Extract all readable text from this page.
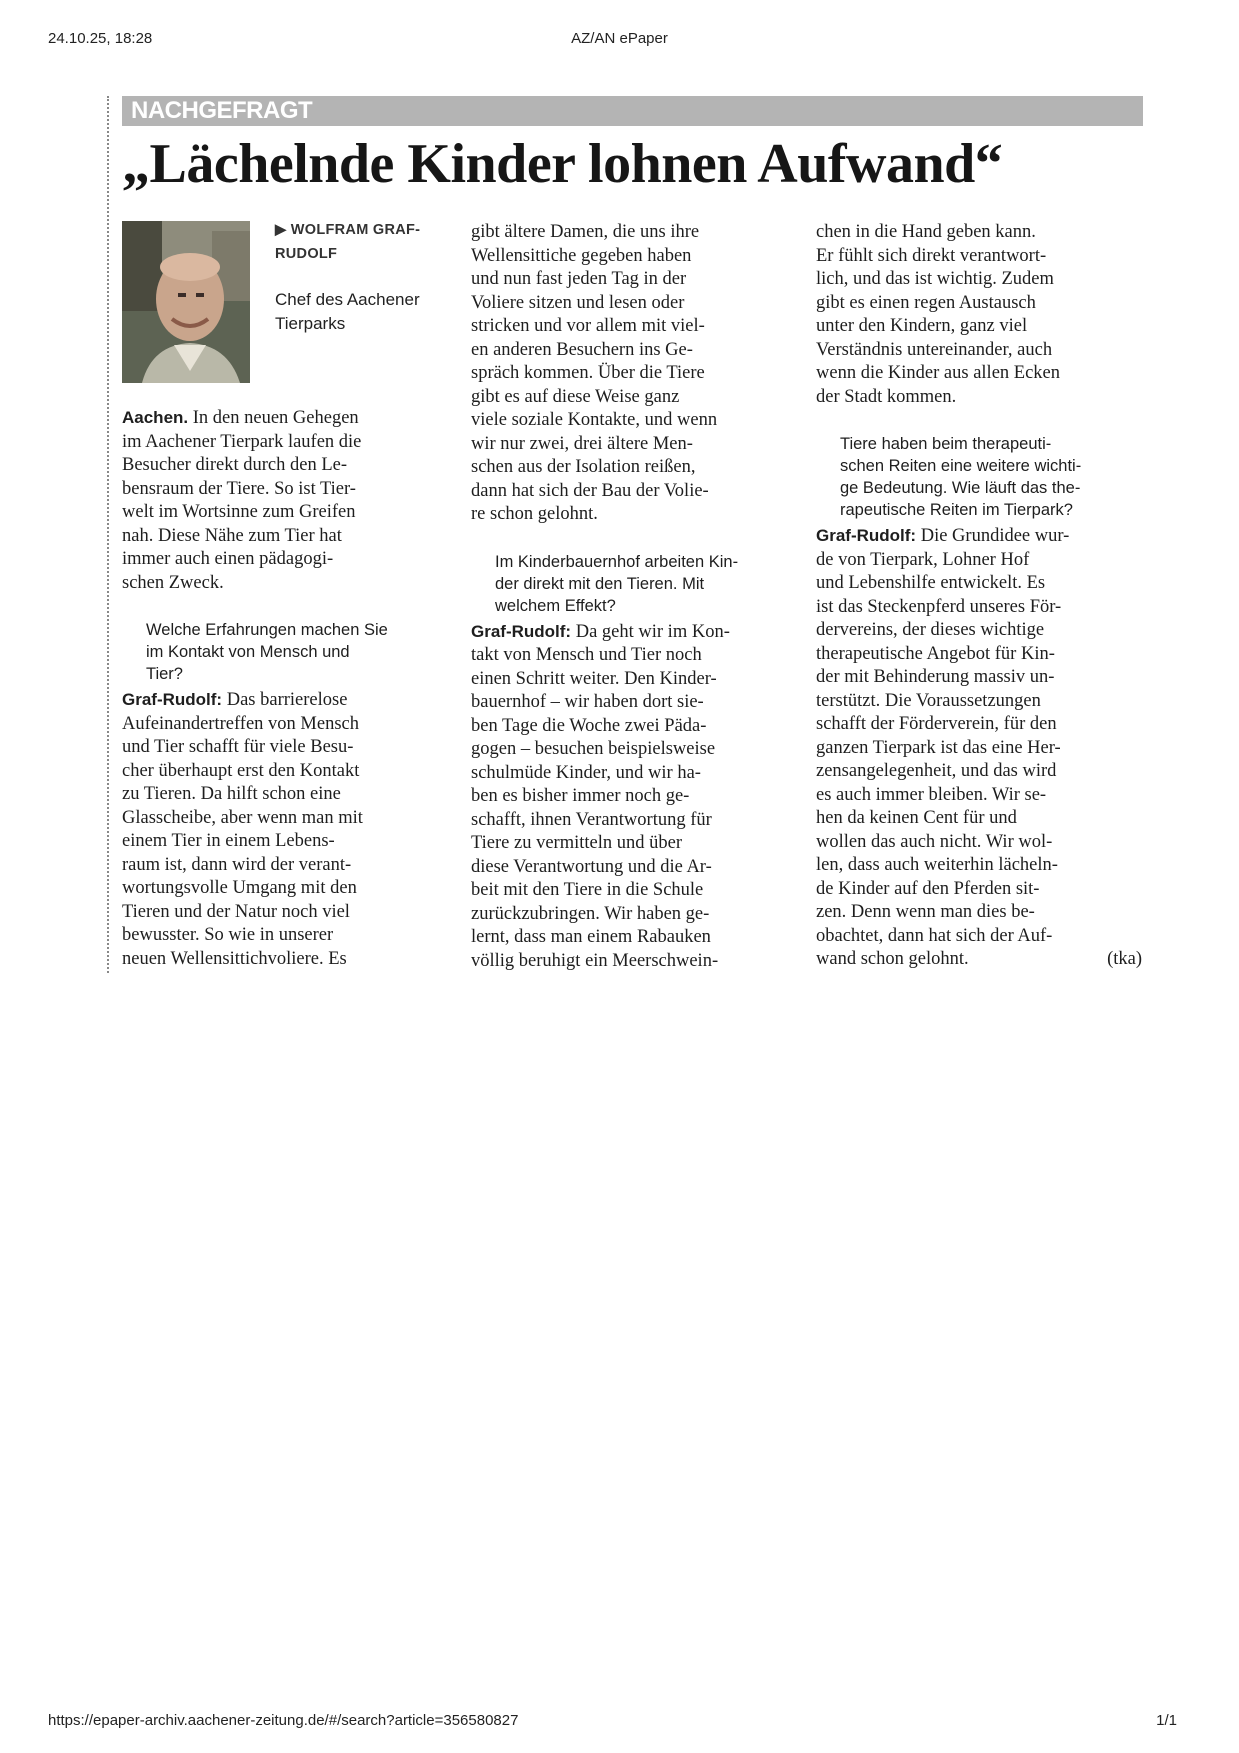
24.10.25, 18:28	AZ/AN ePaper
NACHGEFRAGT
„Lächelnde Kinder lohnen Aufwand“
▶ WOLFRAM GRAF-
RUDOLF
Chef des Aachener
Tierparks

Aachen. In den neuen Gehegen

im Aachener Tierpark laufen die
Besucher direkt durch den Le-
bensraum der Tiere. So ist Tier-
welt im Wortsinne zum Greifen
nah. Diese Nähe zum Tier hat
immer auch einen pädagogi-
schen Zweck.

Welche Erfahrungen machen Sie
im Kontakt von Mensch und
Tier?

Graf-Rudolf: Das barrierelose

Aufeinandertreffen von Mensch
und Tier schafft für viele Besu-
cher überhaupt erst den Kontakt
zu Tieren. Da hilft schon eine
Glasscheibe, aber wenn man mit
einem Tier in einem Lebens-
raum ist, dann wird der verant-
wortungsvolle Umgang mit den
Tieren und der Natur noch viel
bewusster. So wie in unserer
neuen Wellensittichvoliere. Es
gibt ältere Damen, die uns ihre
Wellensittiche gegeben haben
und nun fast jeden Tag in der
Voliere sitzen und lesen oder
stricken und vor allem mit viel-
en anderen Besuchern ins Ge-
spräch kommen. Über die Tiere
gibt es auf diese Weise ganz
viele soziale Kontakte, und wenn
wir nur zwei, drei ältere Men-
schen aus der Isolation reißen,
dann hat sich der Bau der Volie-
re schon gelohnt.

Im Kinderbauernhof arbeiten Kin-
der direkt mit den Tieren. Mit
welchem Effekt?

Graf-Rudolf: Da geht wir im Kon-

takt von Mensch und Tier noch
einen Schritt weiter. Den Kinder-
bauernhof – wir haben dort sie-
ben Tage die Woche zwei Päda-
gogen – besuchen beispielsweise
schulmüde Kinder, und wir ha-
ben es bisher immer noch ge-
schafft, ihnen Verantwortung für
Tiere zu vermitteln und über
diese Verantwortung und die Ar-
beit mit den Tiere in die Schule
zurückzubringen. Wir haben ge-
lernt, dass man einem Rabauken
völlig beruhigt ein Meerschwein-
chen in die Hand geben kann.
Er fühlt sich direkt verantwort-
lich, und das ist wichtig. Zudem
gibt es einen regen Austausch
unter den Kindern, ganz viel
Verständnis untereinander, auch
wenn die Kinder aus allen Ecken
der Stadt kommen.

Tiere haben beim therapeuti-
schen Reiten eine weitere wichti-
ge Bedeutung. Wie läuft das the-
rapeutische Reiten im Tierpark?

Graf-Rudolf: Die Grundidee wur-

de von Tierpark, Lohner Hof
und Lebenshilfe entwickelt. Es
ist das Steckenpferd unseres För-
dervereins, der dieses wichtige
therapeutische Angebot für Kin-
der mit Behinderung massiv un-
terstützt. Die Voraussetzungen
schafft der Förderverein, für den
ganzen Tierpark ist das eine Her-
zensangelegenheit, und das wird
es auch immer bleiben. Wir se-
hen da keinen Cent für und
wollen das auch nicht. Wir wol-
len, dass auch weiterhin lächeln-
de Kinder auf den Pferden sit-
zen. Denn wenn man dies be-
obachtet, dann hat sich der Auf-

wand schon gelohnt.	(tka)

https://epaper-archiv.aachener-zeitung.de/#/search?article=356580827	1/1
